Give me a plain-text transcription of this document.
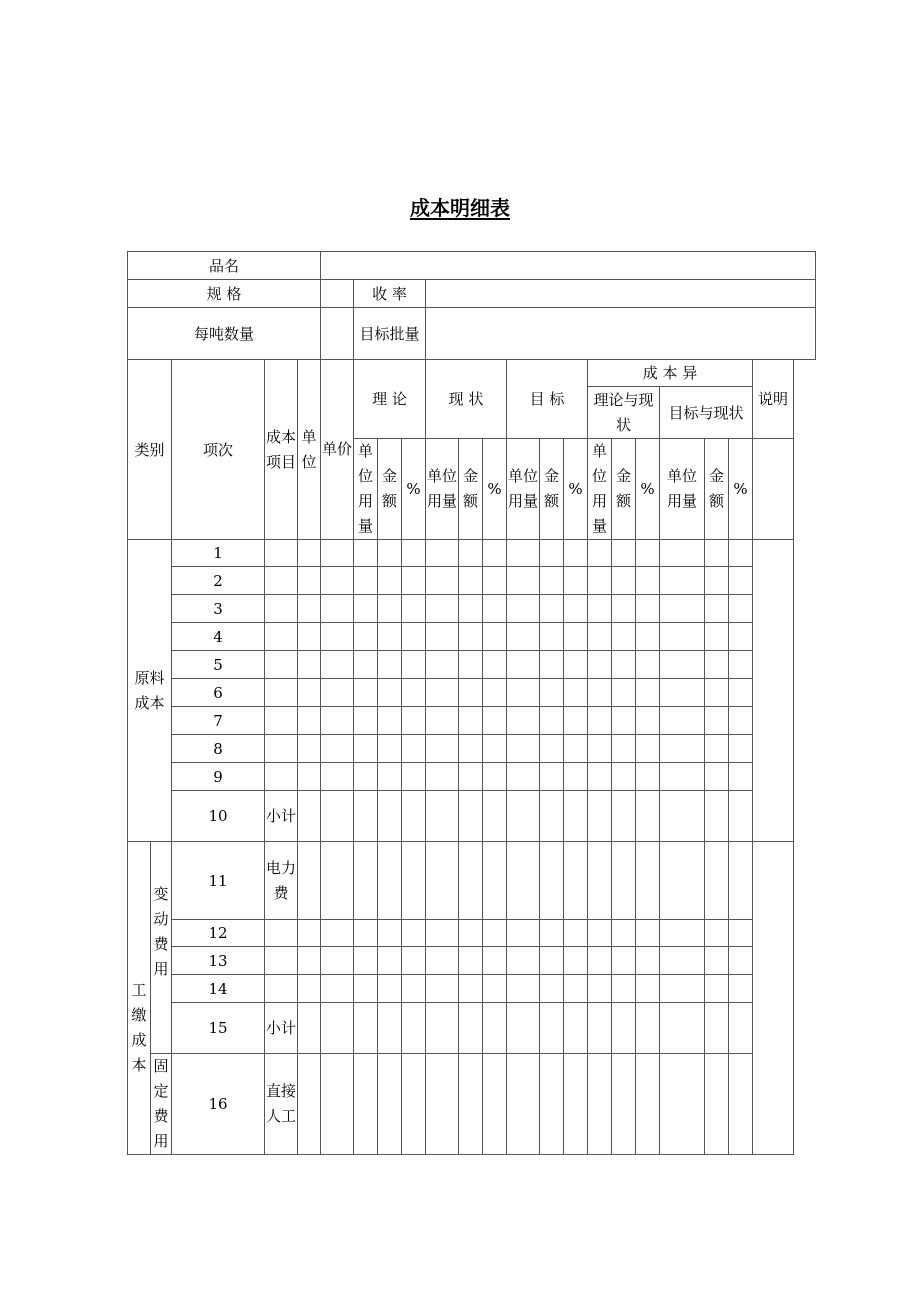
成本明细表
品名																					
规 格						收 率															
每吨数量						目标批量															
类别		项次	成本项目	单位	单价	理 论			现 状			目 标			成 本 异						说明
															理论与现状			目标与现状			
						单位用量	金额	%	单位用量	金额	%	单位用量	金额	%	单位用量	金额	%	单位用量	金额	%	
原料成本		1																			
		2																			
		3																			
		4																			
		5																			
		6																			
		7																			
		8																			
		9																			
		10	小计																		
工缴成本	变动费用	11	电力费																		
		12																			
		13																			
		14																			
		15	小计																		
	固定费用	16	直接人工																		
